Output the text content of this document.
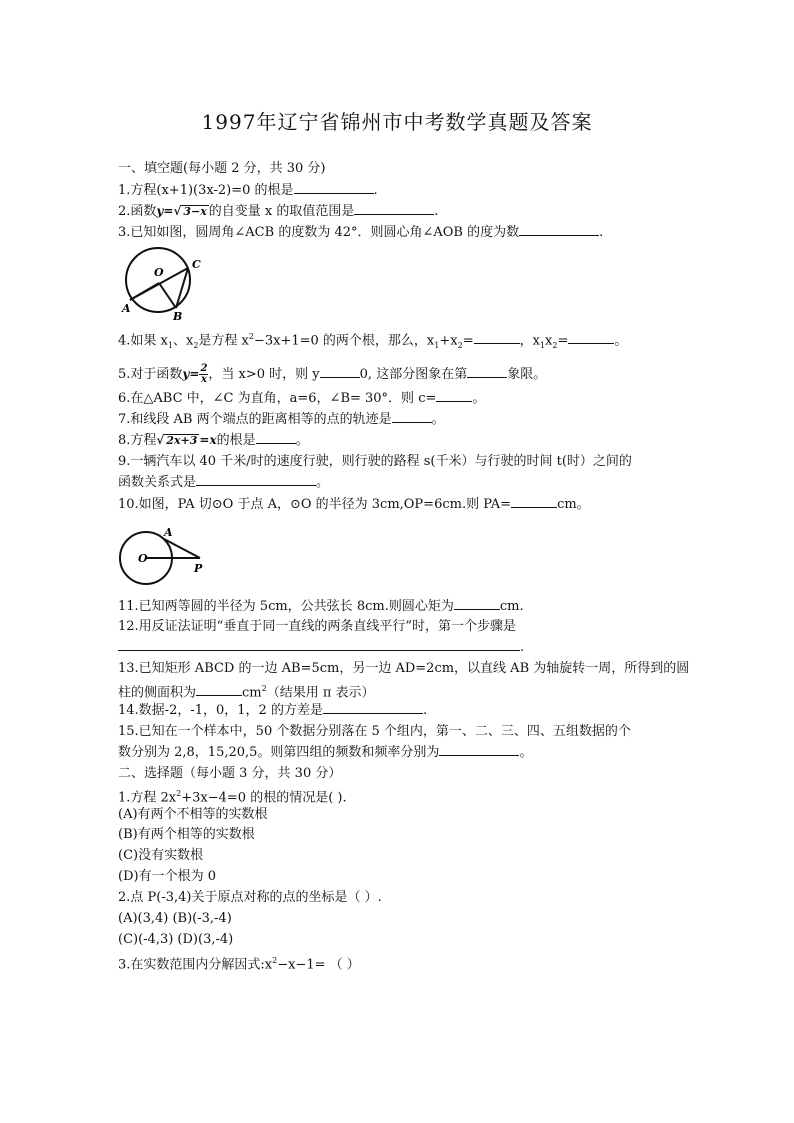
1997年辽宁省锦州市中考数学真题及答案
一、填空题(每小题 2 分，共 30 分)
1.方程(x+1)(3x-2)=0 的根是	.
2.函数y=√ 3−x 的自变量 x 的取值范围是	.
3.已知如图，圆周角∠ACB 的度数为 42°．则圆心角∠AOB 的度为数	.
O
C
A
B
4.如果 $x_1$、$x_2$是方程 $x^2-3x+1=0$ 的两个根，那么，$x_1+x_2=$	，$x_1x_2=$	。
5.对于函数$y= \frac{2}{x}$ ，当 x>0 时，则 y	0, 这部分图象在第	象限。
6.在△ABC 中，∠C 为直角，a=6，∠B= 30°．则 c=	。
7.和线段 AB 两个端点的距离相等的点的轨迹是	。
8.方程√ 2x+3 =x的根是	。
9.一辆汽车以 40 千米/时的速度行驶，则行驶的路程 s(千米）与行驶的时间 t(时）之间的
函数关系式是	。
10.如图，PA 切⊙O 于点 A，⊙O 的半径为 3cm,OP=6cm.则 PA=	cm。
O
A
P
11.已知两等圆的半径为 5cm，公共弦长 8cm.则圆心矩为	cm.
12.用反证法证明“垂直于同一直线的两条直线平行”时，第一个步骤是
.
13.已知矩形 ABCD 的一边 AB=5cm，另一边 AD=2cm，以直线 AB 为轴旋转一周，所得到的圆
柱的侧面积为	$cm^2$（结果用 π 表示）
14.数据-2，-1，0，1，2 的方差是	.
15.已知在一个样本中，50 个数据分别落在 5 个组内，第一、二、三、四、五组数据的个
数分别为 2,8，15,20,5。则第四组的频数和频率分别为	。
二、选择题（每小题 3 分，共 30 分）
1.方程 $2x^2+3x-4=0$ 的根的情况是( ).
(A)有两个不相等的实数根
(B)有两个相等的实数根
(C)没有实数根
(D)有一个根为 0
2.点 P(-3,4)关于原点对称的点的坐标是（ ）.
(A)(3,4) (B)(-3,-4)
(C)(-4,3) (D)(3,-4)
3.在实数范围内分解因式$:x^2-x-1=$ （ ）
